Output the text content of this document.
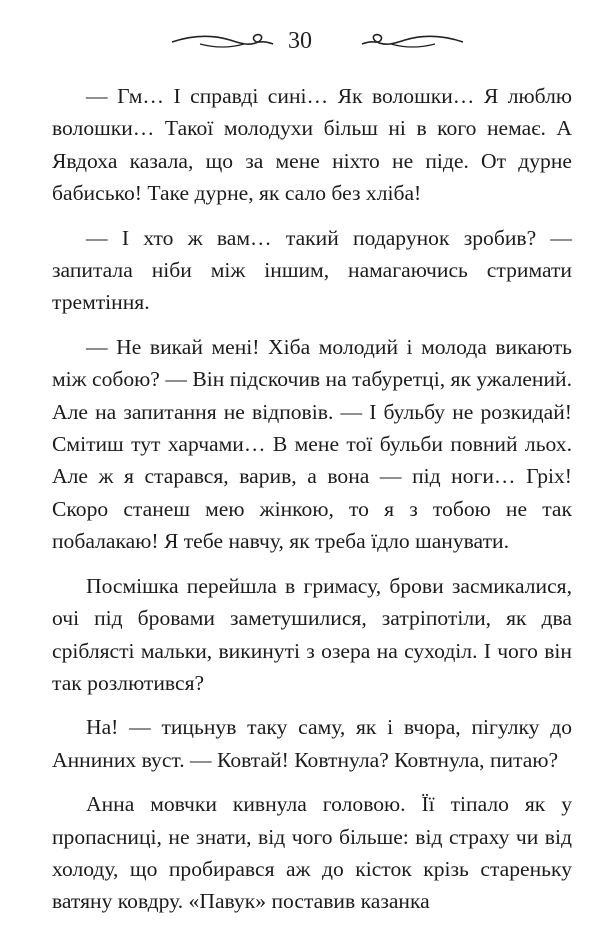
30

— Гм… І справді сині… Як волошки… Я люблю волошки… Такої молодухи більш ні в кого немає. А Явдоха казала, що за мене ніхто не піде. От дурне бабисько! Таке дурне, як сало без хліба!

— І хто ж вам… такий подарунок зробив? — запитала ніби між іншим, намагаючись стримати тремтіння.

— Не викай мені! Хіба молодий і молода викають між собою? — Він підскочив на табуретці, як ужалений. Але на запитання не відповів. — І бульбу не розкидай! Смітиш тут харчами… В мене тої бульби повний льох. Але ж я старався, варив, а вона — під ноги… Гріх! Скоро станеш мею жінкою, то я з тобою не так побалакаю! Я тебе навчу, як треба їдло шанувати.

Посмішка перейшла в гримасу, брови засмикалися, очі під бровами заметушилися, затріпотіли, як два сріблясті мальки, викинуті з озера на суходіл. І чого він так розлютився?

На! — тицьнув таку саму, як і вчора, пігулку до Анниних вуст. — Ковтай! Ковтнула? Ковтнула, питаю?

Анна мовчки кивнула головою. Її тіпало як у пропасниці, не знати, від чого більше: від страху чи від холоду, що пробирався аж до кісток крізь стареньку ватяну ковдру. «Павук» поставив казанка
